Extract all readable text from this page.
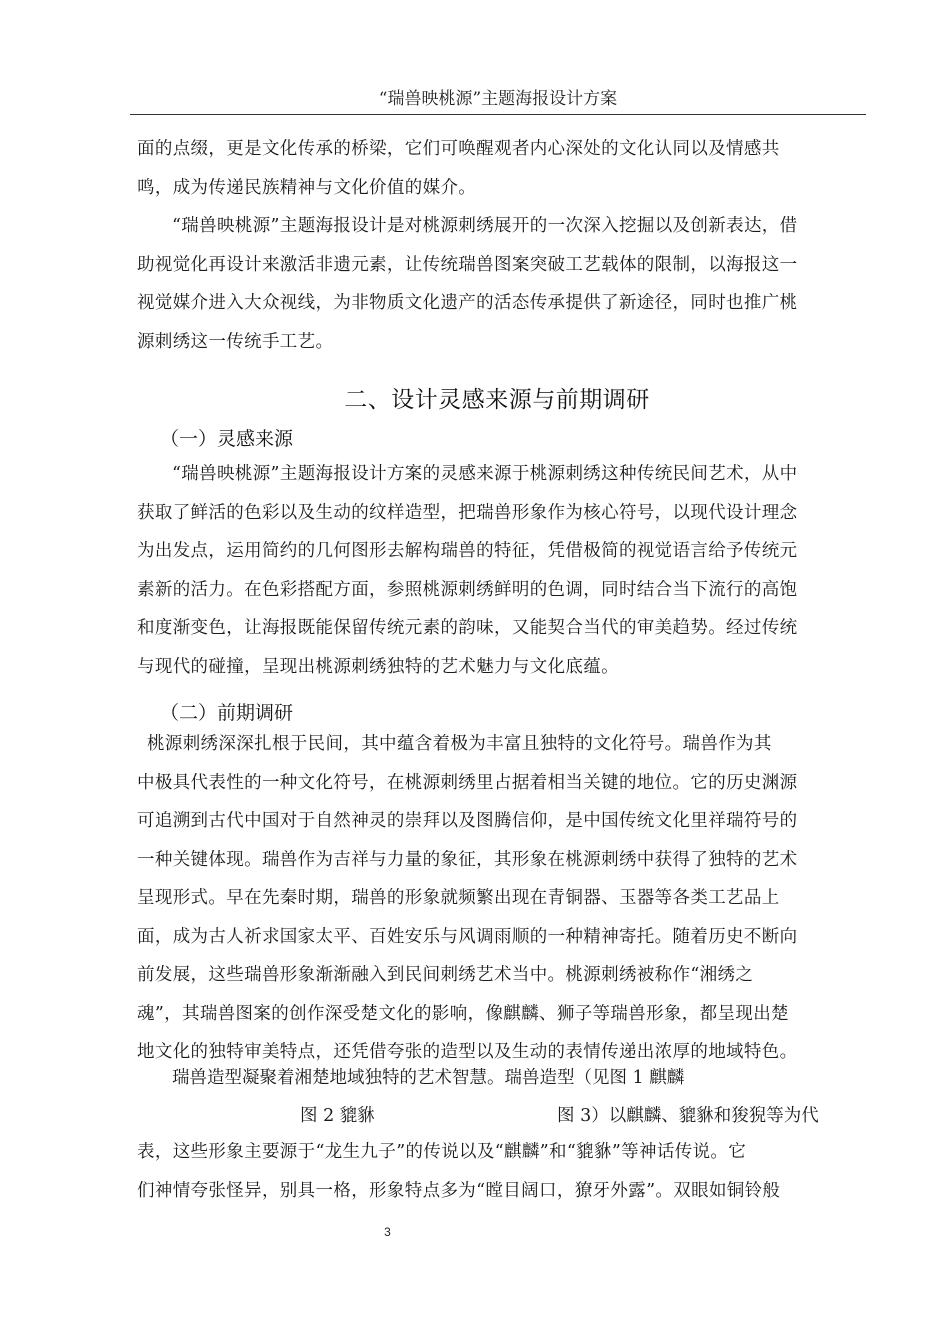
“瑞兽映桃源”主题海报设计方案
面的点缀，更是文化传承的桥梁，它们可唤醒观者内心深处的文化认同以及情感共
鸣，成为传递民族精神与文化价值的媒介。
“瑞兽映桃源”主题海报设计是对桃源刺绣展开的一次深入挖掘以及创新表达，借
助视觉化再设计来激活非遗元素，让传统瑞兽图案突破工艺载体的限制，以海报这一
视觉媒介进入大众视线，为非物质文化遗产的活态传承提供了新途径，同时也推广桃
源刺绣这一传统手工艺。
二、设计灵感来源与前期调研
（一）灵感来源
“瑞兽映桃源”主题海报设计方案的灵感来源于桃源刺绣这种传统民间艺术，从中
获取了鲜活的色彩以及生动的纹样造型，把瑞兽形象作为核心符号，以现代设计理念
为出发点，运用简约的几何图形去解构瑞兽的特征，凭借极简的视觉语言给予传统元
素新的活力。在色彩搭配方面，参照桃源刺绣鲜明的色调，同时结合当下流行的高饱
和度渐变色，让海报既能保留传统元素的韵味，又能契合当代的审美趋势。经过传统
与现代的碰撞，呈现出桃源刺绣独特的艺术魅力与文化底蕴。
（二）前期调研
桃源刺绣深深扎根于民间，其中蕴含着极为丰富且独特的文化符号。瑞兽作为其
中极具代表性的一种文化符号，在桃源刺绣里占据着相当关键的地位。它的历史渊源
可追溯到古代中国对于自然神灵的崇拜以及图腾信仰，是中国传统文化里祥瑞符号的
一种关键体现。瑞兽作为吉祥与力量的象征，其形象在桃源刺绣中获得了独特的艺术
呈现形式。早在先秦时期，瑞兽的形象就频繁出现在青铜器、玉器等各类工艺品上
面，成为古人祈求国家太平、百姓安乐与风调雨顺的一种精神寄托。随着历史不断向
前发展，这些瑞兽形象渐渐融入到民间刺绣艺术当中。桃源刺绣被称作“湘绣之
魂”，其瑞兽图案的创作深受楚文化的影响，像麒麟、狮子等瑞兽形象，都呈现出楚
地文化的独特审美特点，还凭借夸张的造型以及生动的表情传递出浓厚的地域特色。
瑞兽造型凝聚着湘楚地域独特的艺术智慧。瑞兽造型（见图 1 麒麟
图 2 貔貅	图 3）以麒麟、貔貅和狻猊等为代
表，这些形象主要源于“龙生九子”的传说以及“麒麟”和“貔貅”等神话传说。它
们神情夸张怪异，别具一格，形象特点多为“瞠目阔口，獠牙外露”。双眼如铜铃般
3
